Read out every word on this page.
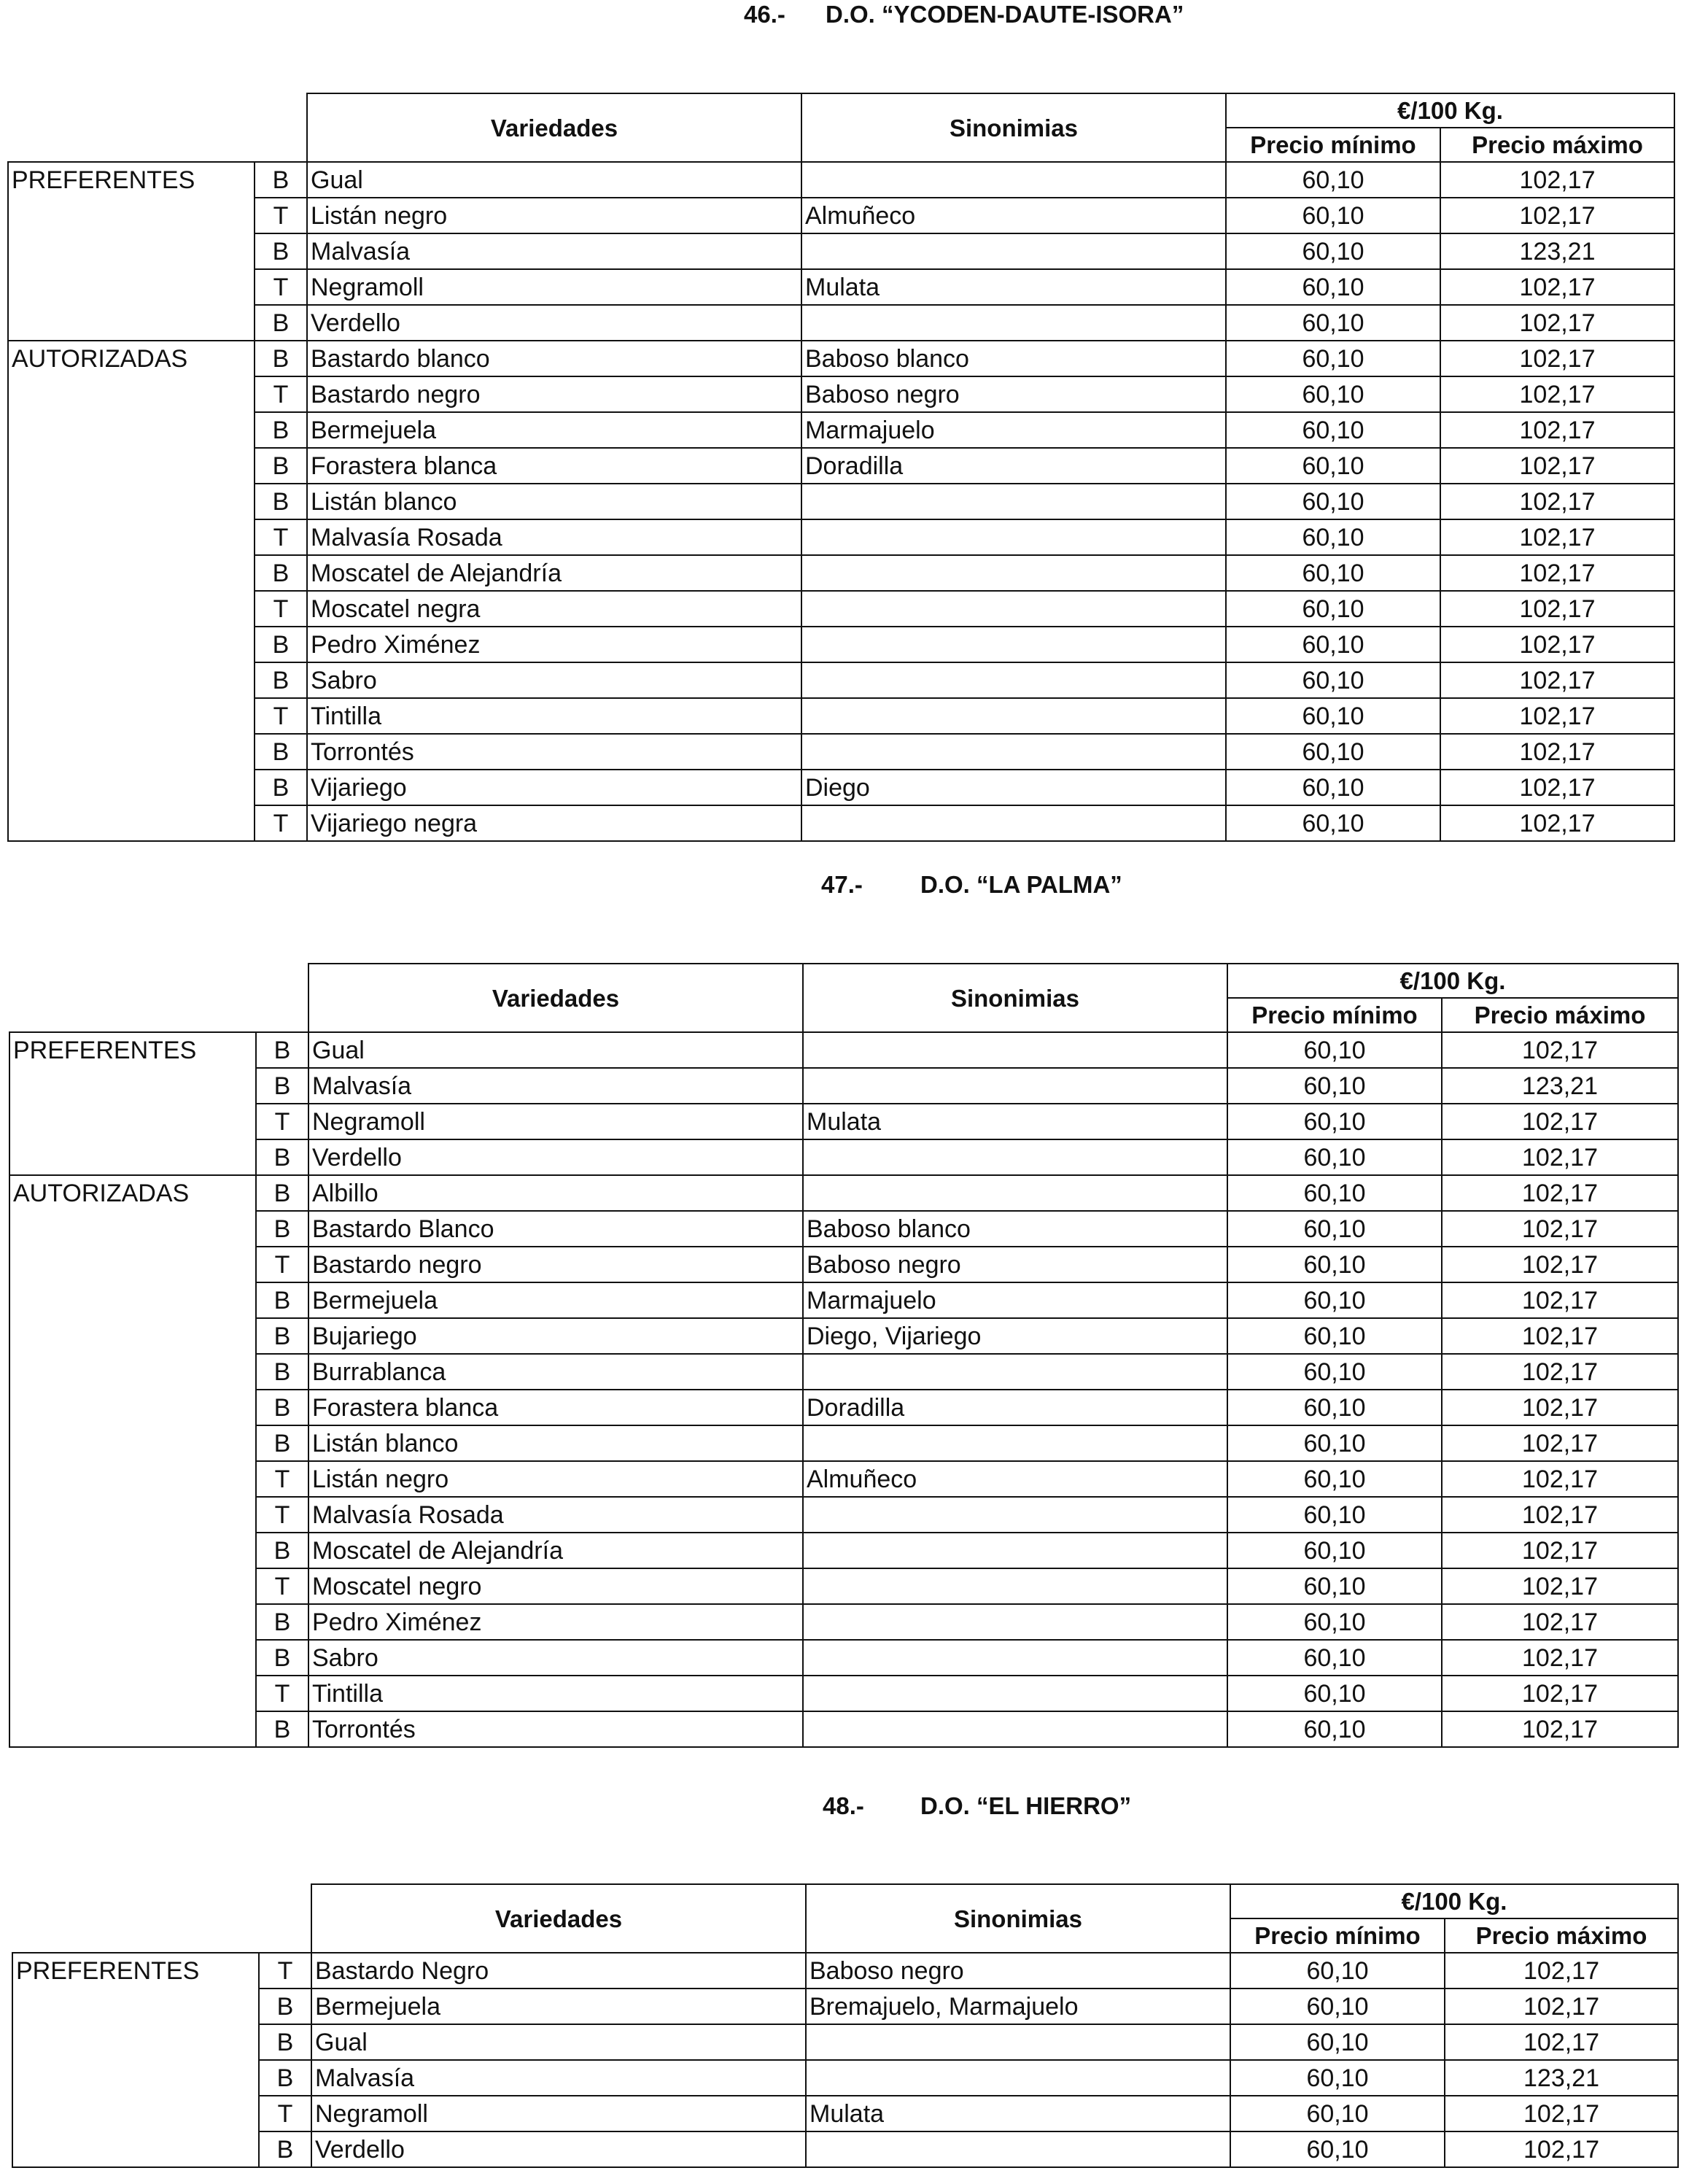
46.- D.O. “YCODEN-DAUTE-ISORA”
		Variedades	Sinonimias	€/100 Kg.	
				Precio mínimo	Precio máximo
PREFERENTES	B	Gual		60,10	102,17
	T	Listán negro	Almuñeco	60,10	102,17
	B	Malvasía		60,10	123,21
	T	Negramoll	Mulata	60,10	102,17
	B	Verdello		60,10	102,17
AUTORIZADAS	B	Bastardo blanco	Baboso blanco	60,10	102,17
	T	Bastardo negro	Baboso negro	60,10	102,17
	B	Bermejuela	Marmajuelo	60,10	102,17
	B	Forastera blanca	Doradilla	60,10	102,17
	B	Listán blanco		60,10	102,17
	T	Malvasía Rosada		60,10	102,17
	B	Moscatel de Alejandría		60,10	102,17
	T	Moscatel negra		60,10	102,17
	B	Pedro Ximénez		60,10	102,17
	B	Sabro		60,10	102,17
	T	Tintilla		60,10	102,17
	B	Torrontés		60,10	102,17
	B	Vijariego	Diego	60,10	102,17
	T	Vijariego negra		60,10	102,17
47.- D.O. “LA PALMA”
		Variedades	Sinonimias	€/100 Kg.	
				Precio mínimo	Precio máximo
PREFERENTES	B	Gual		60,10	102,17
	B	Malvasía		60,10	123,21
	T	Negramoll	Mulata	60,10	102,17
	B	Verdello		60,10	102,17
AUTORIZADAS	B	Albillo		60,10	102,17
	B	Bastardo Blanco	Baboso blanco	60,10	102,17
	T	Bastardo negro	Baboso negro	60,10	102,17
	B	Bermejuela	Marmajuelo	60,10	102,17
	B	Bujariego	Diego, Vijariego	60,10	102,17
	B	Burrablanca		60,10	102,17
	B	Forastera blanca	Doradilla	60,10	102,17
	B	Listán blanco		60,10	102,17
	T	Listán negro	Almuñeco	60,10	102,17
	T	Malvasía Rosada		60,10	102,17
	B	Moscatel de Alejandría		60,10	102,17
	T	Moscatel negro		60,10	102,17
	B	Pedro Ximénez		60,10	102,17
	B	Sabro		60,10	102,17
	T	Tintilla		60,10	102,17
	B	Torrontés		60,10	102,17
48.- D.O. “EL HIERRO”
		Variedades	Sinonimias	€/100 Kg.	
				Precio mínimo	Precio máximo
PREFERENTES	T	Bastardo Negro	Baboso negro	60,10	102,17
	B	Bermejuela	Bremajuelo, Marmajuelo	60,10	102,17
	B	Gual		60,10	102,17
	B	Malvasía		60,10	123,21
	T	Negramoll	Mulata	60,10	102,17
	B	Verdello		60,10	102,17
